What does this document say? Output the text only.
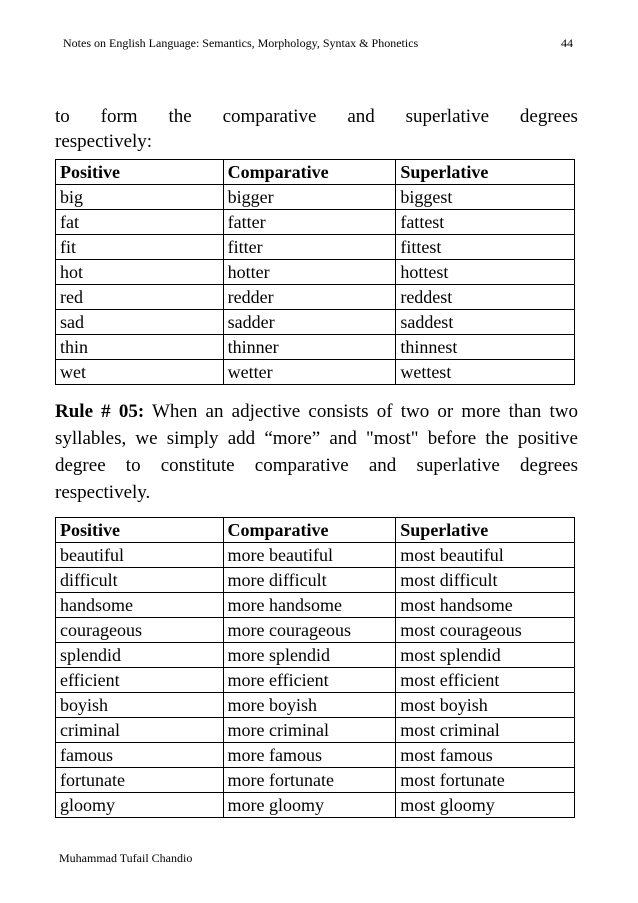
Notes on English Language: Semantics, Morphology, Syntax & Phonetics	44
to form the comparative and superlative degrees
respectively:
Positive	Comparative	Superlative
big	bigger	biggest
fat	fatter	fattest
fit	fitter	fittest
hot	hotter	hottest
red	redder	reddest
sad	sadder	saddest
thin	thinner	thinnest
wet	wetter	wettest
Rule # 05: When an adjective consists of two or more than two syllables, we simply add “more” and "most" before the positive degree to constitute comparative and superlative degrees respectively.
Positive	Comparative	Superlative
beautiful	more beautiful	most beautiful
difficult	more difficult	most difficult
handsome	more handsome	most handsome
courageous	more courageous	most courageous
splendid	more splendid	most splendid
efficient	more efficient	most efficient
boyish	more boyish	most boyish
criminal	more criminal	most criminal
famous	more famous	most famous
fortunate	more fortunate	most fortunate
gloomy	more gloomy	most gloomy
Muhammad Tufail Chandio
